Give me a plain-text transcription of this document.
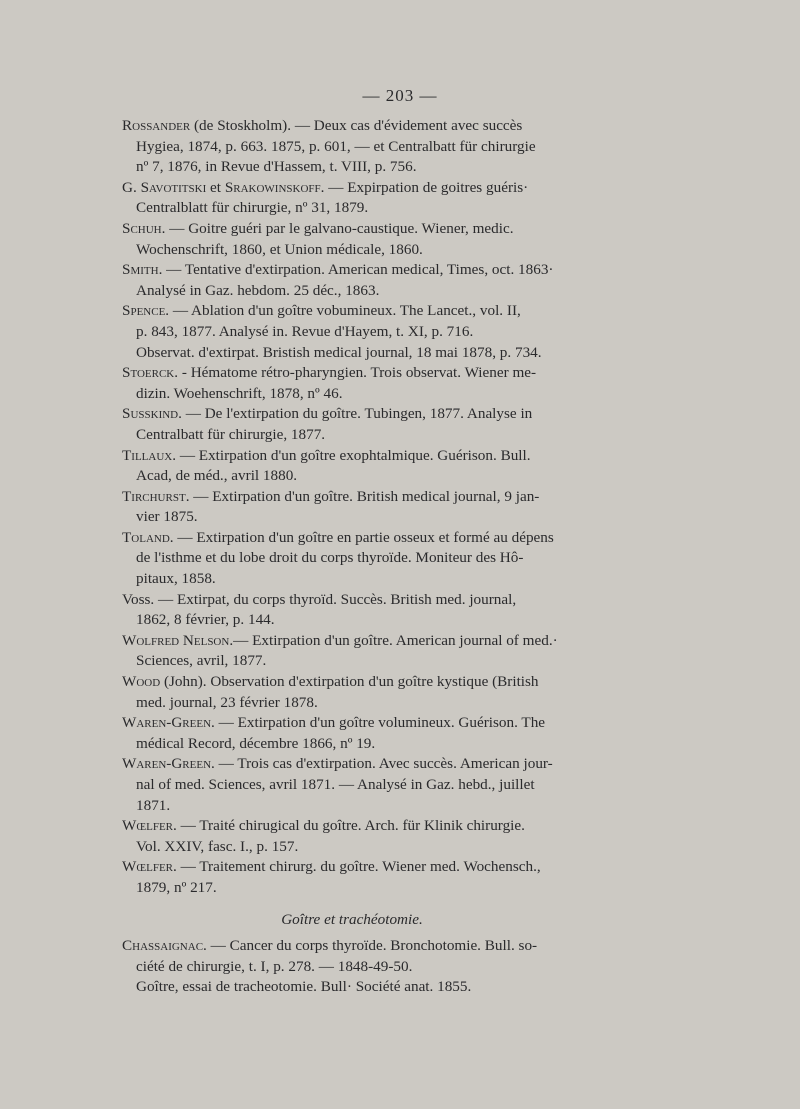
— 203 —
Rossander (de Stoskholm). — Deux cas d'évidement avec succès
Hygiea, 1874, p. 663. 1875, p. 601, — et Centralbatt für chirurgie
nº 7, 1876, in Revue d'Hassem, t. VIII, p. 756.
G. Savotitski et Srakowinskoff. — Expirpation de goitres guéris·
Centralblatt für chirurgie, nº 31, 1879.
Schuh. — Goitre guéri par le galvano-caustique. Wiener, medic.
Wochenschrift, 1860, et Union médicale, 1860.
Smith. — Tentative d'extirpation. American medical, Times, oct. 1863·
Analysé in Gaz. hebdom. 25 déc., 1863.
Spence. — Ablation d'un goître vobumineux. The Lancet., vol. II,
p. 843, 1877. Analysé in. Revue d'Hayem, t. XI, p. 716.
Observat. d'extirpat. Bristish medical journal, 18 mai 1878, p. 734.
Stoerck. - Hématome rétro-pharyngien. Trois observat. Wiener me-
dizin. Woehenschrift, 1878, nº 46.
Susskind. — De l'extirpation du goître. Tubingen, 1877. Analyse in
Centralbatt für chirurgie, 1877.
Tillaux. — Extirpation d'un goître exophtalmique. Guérison. Bull.
Acad, de méd., avril 1880.
Tirchurst. — Extirpation d'un goître. British medical journal, 9 jan-
vier 1875.
Toland. — Extirpation d'un goître en partie osseux et formé au dépens
de l'isthme et du lobe droit du corps thyroïde. Moniteur des Hô-
pitaux, 1858.
Voss. — Extirpat, du corps thyroïd. Succès. British med. journal,
1862, 8 février, p. 144.
Wolfred Nelson.— Extirpation d'un goître. American journal of med.·
Sciences, avril, 1877.
Wood (John). Observation d'extirpation d'un goître kystique (British
med. journal, 23 février 1878.
Waren-Green. — Extirpation d'un goître volumineux. Guérison. The
médical Record, décembre 1866, nº 19.
Waren-Green. — Trois cas d'extirpation. Avec succès. American jour-
nal of med. Sciences, avril 1871. — Analysé in Gaz. hebd., juillet
1871.
Wœlfer. — Traité chirugical du goître. Arch. für Klinik chirurgie.
Vol. XXIV, fasc. I., p. 157.
Wœlfer. — Traitement chirurg. du goître. Wiener med. Wochensch.,
1879, nº 217.
Goître et trachéotomie.
Chassaignac. — Cancer du corps thyroïde. Bronchotomie. Bull. so-
ciété de chirurgie, t. I, p. 278. — 1848-49-50.
Goître, essai de tracheotomie. Bull· Société anat. 1855.
